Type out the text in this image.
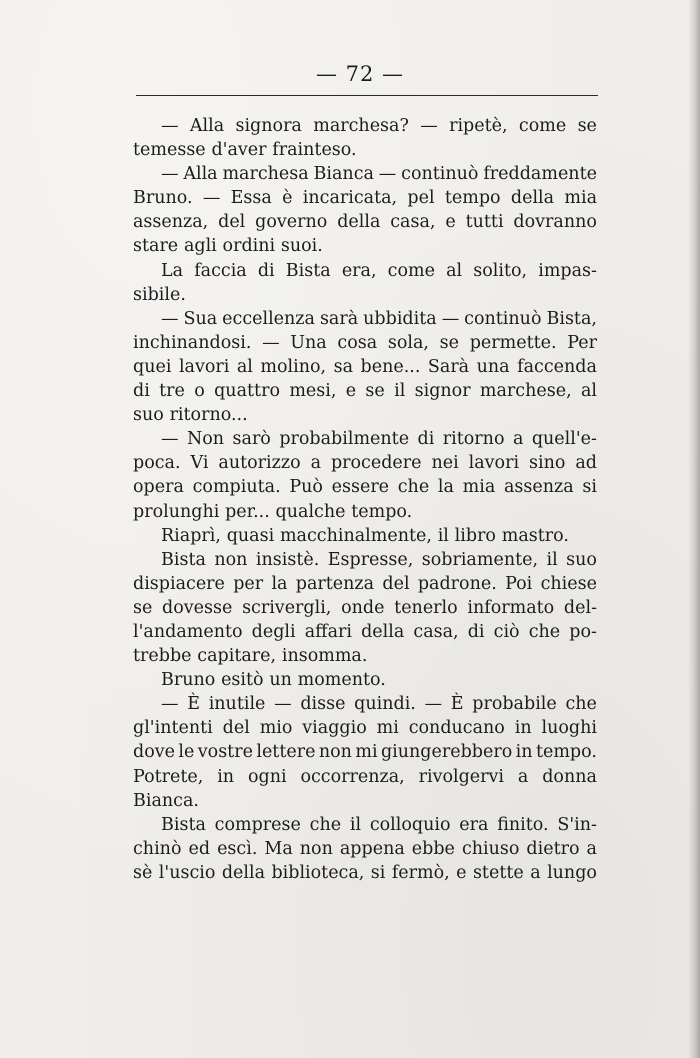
— 72 —
— Alla signora marchesa? — ripetè, come se
temesse d'aver frainteso.
— Alla marchesa Bianca — continuò freddamente
Bruno. — Essa è incaricata, pel tempo della mia
assenza, del governo della casa, e tutti dovranno
stare agli ordini suoi.
La faccia di Bista era, come al solito, impas-
sibile.
— Sua eccellenza sarà ubbidita — continuò Bista,
inchinandosi. — Una cosa sola, se permette. Per
quei lavori al molino, sa bene... Sarà una faccenda
di tre o quattro mesi, e se il signor marchese, al
suo ritorno...
— Non sarò probabilmente di ritorno a quell'e-
poca. Vi autorizzo a procedere nei lavori sino ad
opera compiuta. Può essere che la mia assenza si
prolunghi per... qualche tempo.
Riaprì, quasi macchinalmente, il libro mastro.
Bista non insistè. Espresse, sobriamente, il suo
dispiacere per la partenza del padrone. Poi chiese
se dovesse scrivergli, onde tenerlo informato del-
l'andamento degli affari della casa, di ciò che po-
trebbe capitare, insomma.
Bruno esitò un momento.
— È inutile — disse quindi. — È probabile che
gl'intenti del mio viaggio mi conducano in luoghi
dove le vostre lettere non mi giungerebbero in tempo.
Potrete, in ogni occorrenza, rivolgervi a donna
Bianca.
Bista comprese che il colloquio era finito. S'in-
chinò ed escì. Ma non appena ebbe chiuso dietro a
sè l'uscio della biblioteca, si fermò, e stette a lungo
